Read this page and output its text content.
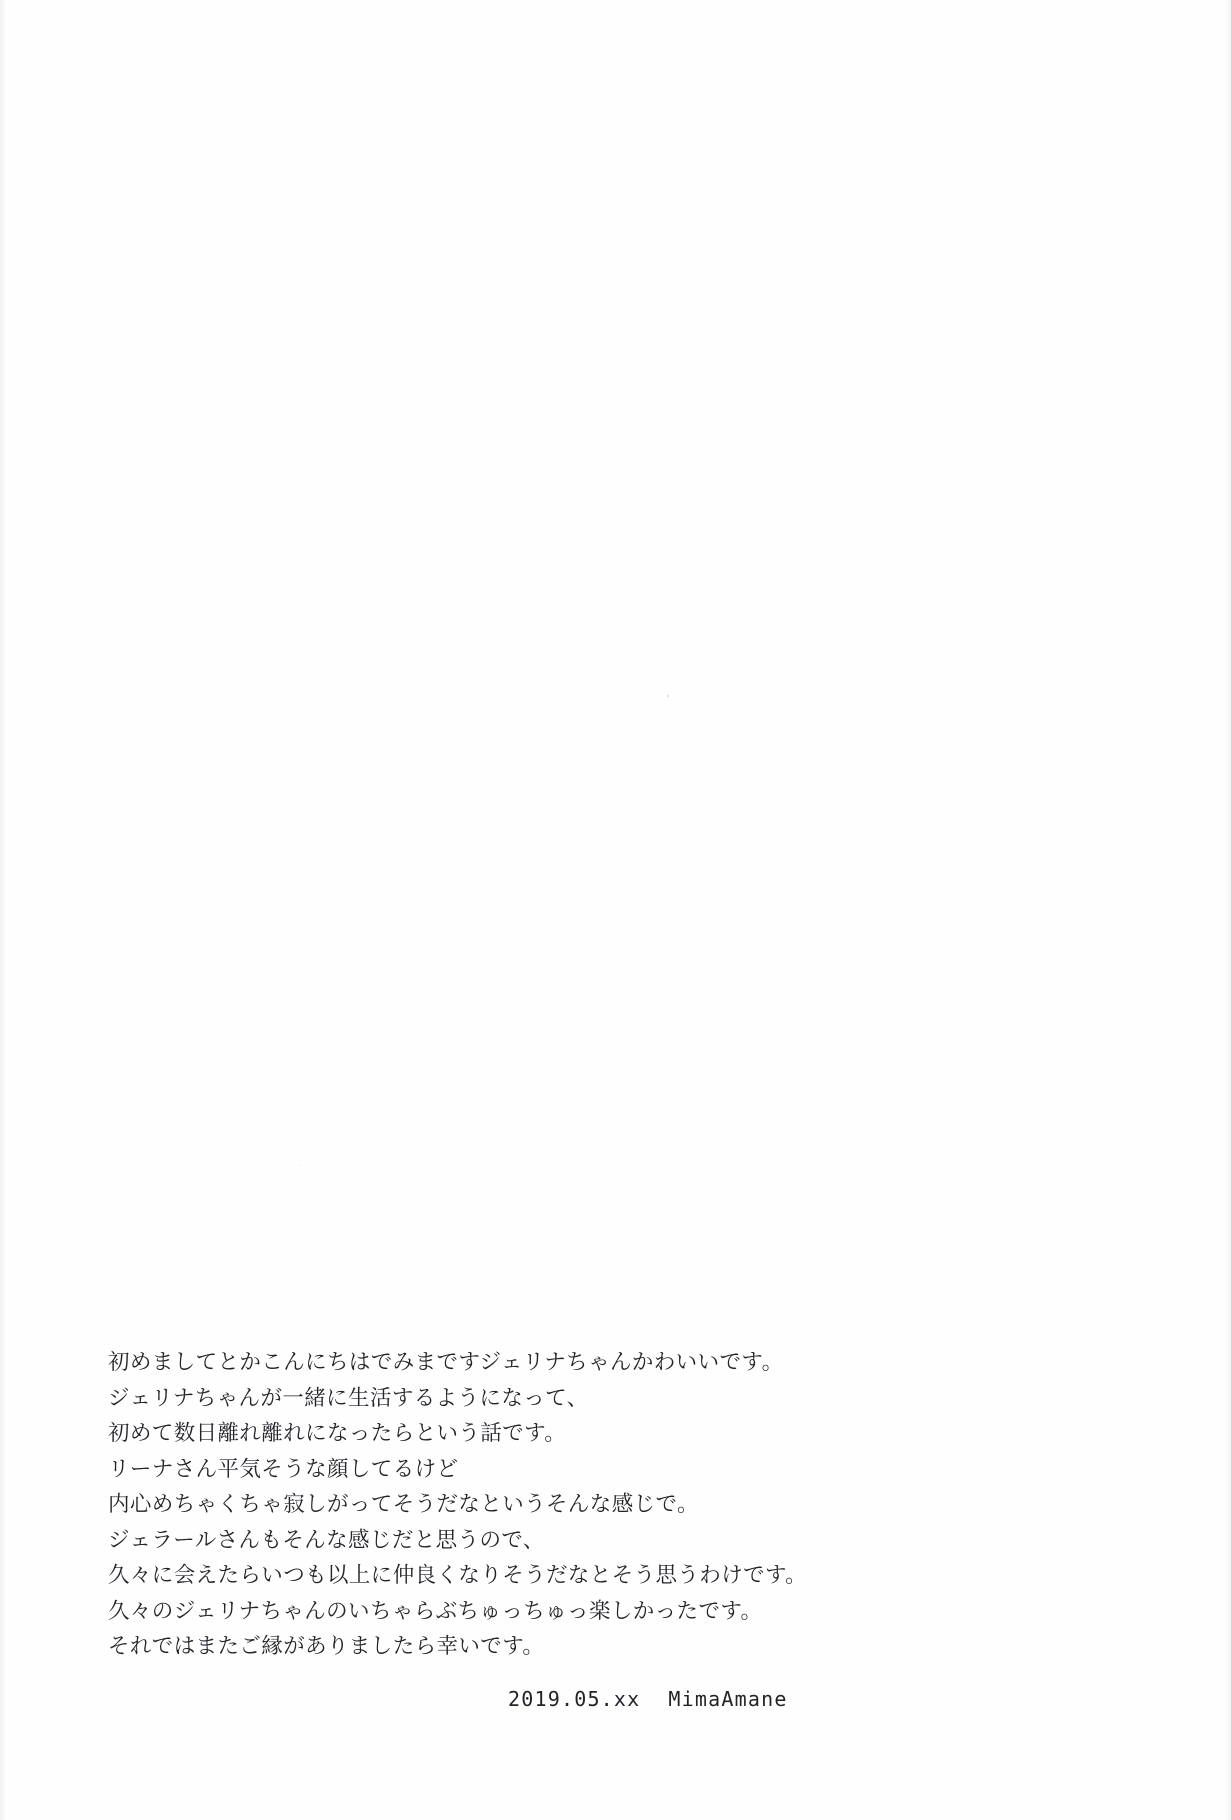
初めましてとかこんにちはでみまですジェリナちゃんかわいいです。
ジェリナちゃんが一緒に生活するようになって、
初めて数日離れ離れになったらという話です。
リーナさん平気そうな顔してるけど
内心めちゃくちゃ寂しがってそうだなというそんな感じで。
ジェラールさんもそんな感じだと思うので、
久々に会えたらいつも以上に仲良くなりそうだなとそう思うわけです。
久々のジェリナちゃんのいちゃらぶちゅっちゅっ楽しかったです。
それではまたご縁がありましたら幸いです。
2019.05.xx MimaAmane
